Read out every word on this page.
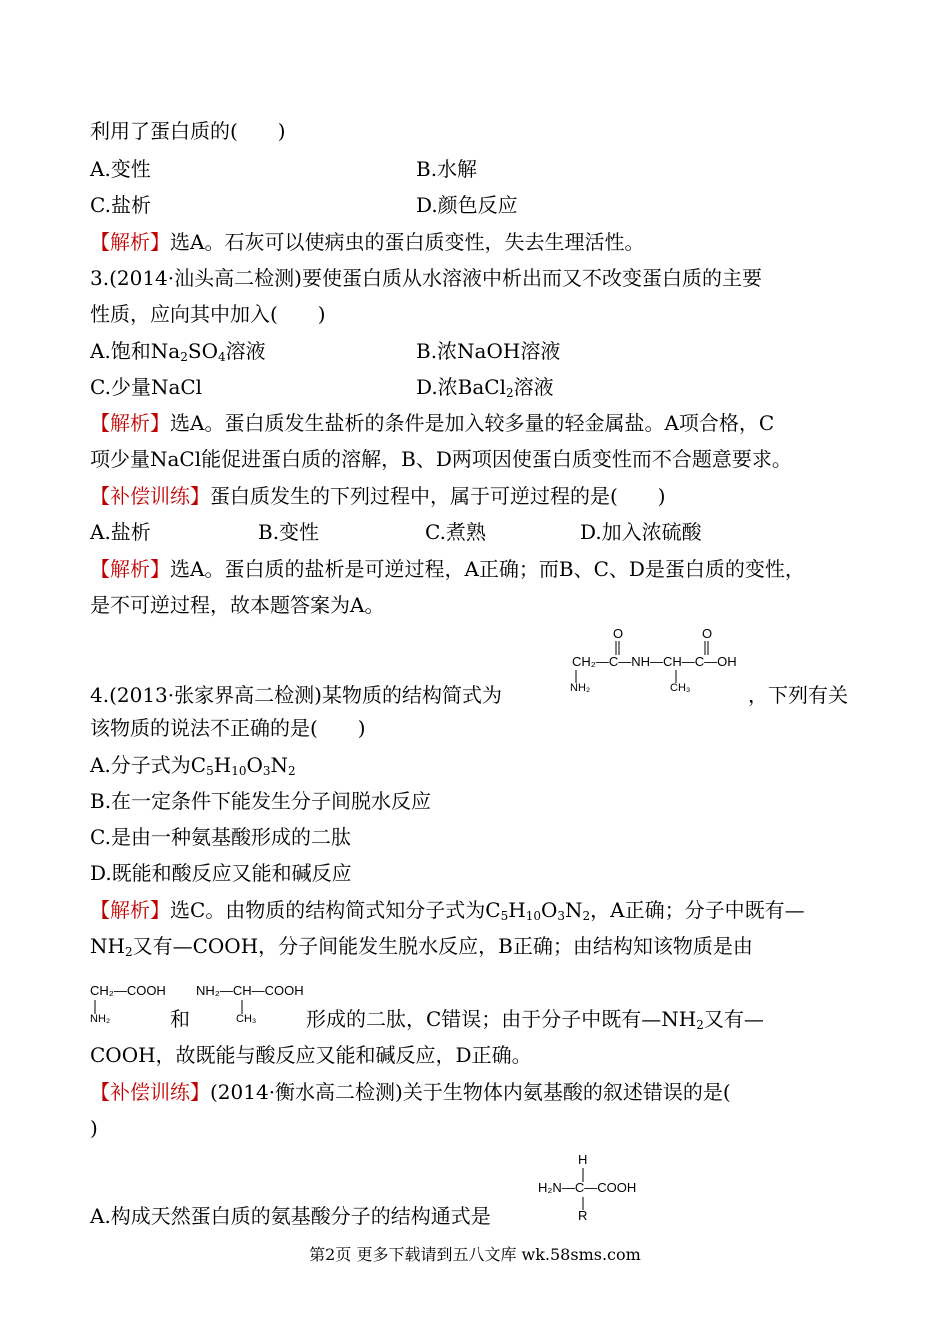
利用了蛋白质的(　　)
A.变性	B.水解
C.盐析	D.颜色反应
【解析】选A。石灰可以使病虫的蛋白质变性，失去生理活性。
3.(2014·汕头高二检测)要使蛋白质从水溶液中析出而又不改变蛋白质的主要
性质，应向其中加入(　　)
A.饱和$Na_2SO_4$溶液	B.浓NaOH溶液
C.少量NaCl	D.浓BaCl$_2$溶液
【解析】选A。蛋白质发生盐析的条件是加入较多量的轻金属盐。A项合格，C
项少量NaCl能促进蛋白质的溶解，B、D两项因使蛋白质变性而不合题意要求。
【补偿训练】蛋白质发生的下列过程中，属于可逆过程的是(　　)
A.盐析	B.变性	C.煮熟	D.加入浓硫酸
【解析】选A。蛋白质的盐析是可逆过程，A正确；而B、C、D是蛋白质的变性，
是不可逆过程，故本题答案为A。
O	O
CH₂—C—NH—CH—C—OH
NH₂	CH₃
4.(2013·张家界高二检测)某物质的结构简式为	，下列有关
该物质的说法不正确的是(　　)
A.分子式为$C_5H_{10}O_3N_2$
B.在一定条件下能发生分子间脱水反应
C.是由一种氨基酸形成的二肽
D.既能和酸反应又能和碱反应
【解析】选C。由物质的结构简式知分子式为$C_5H_{10}O_3N_2$，A正确；分子中既有—
$NH_2$又有—COOH，分子间能发生脱水反应，B正确；由结构知该物质是由
CH₂—COOH
NH₂
NH₂—CH—COOH
CH₃
和	形成的二肽，C错误；由于分子中既有$—NH_2$又有—
COOH，故既能与酸反应又能和碱反应，D正确。
【补偿训练】(2014·衡水高二检测)关于生物体内氨基酸的叙述错误的是(
)
H
H₂N—C—COOH
R
A.构成天然蛋白质的氨基酸分子的结构通式是
第2页 更多下载请到五八文库 wk.58sms.com
